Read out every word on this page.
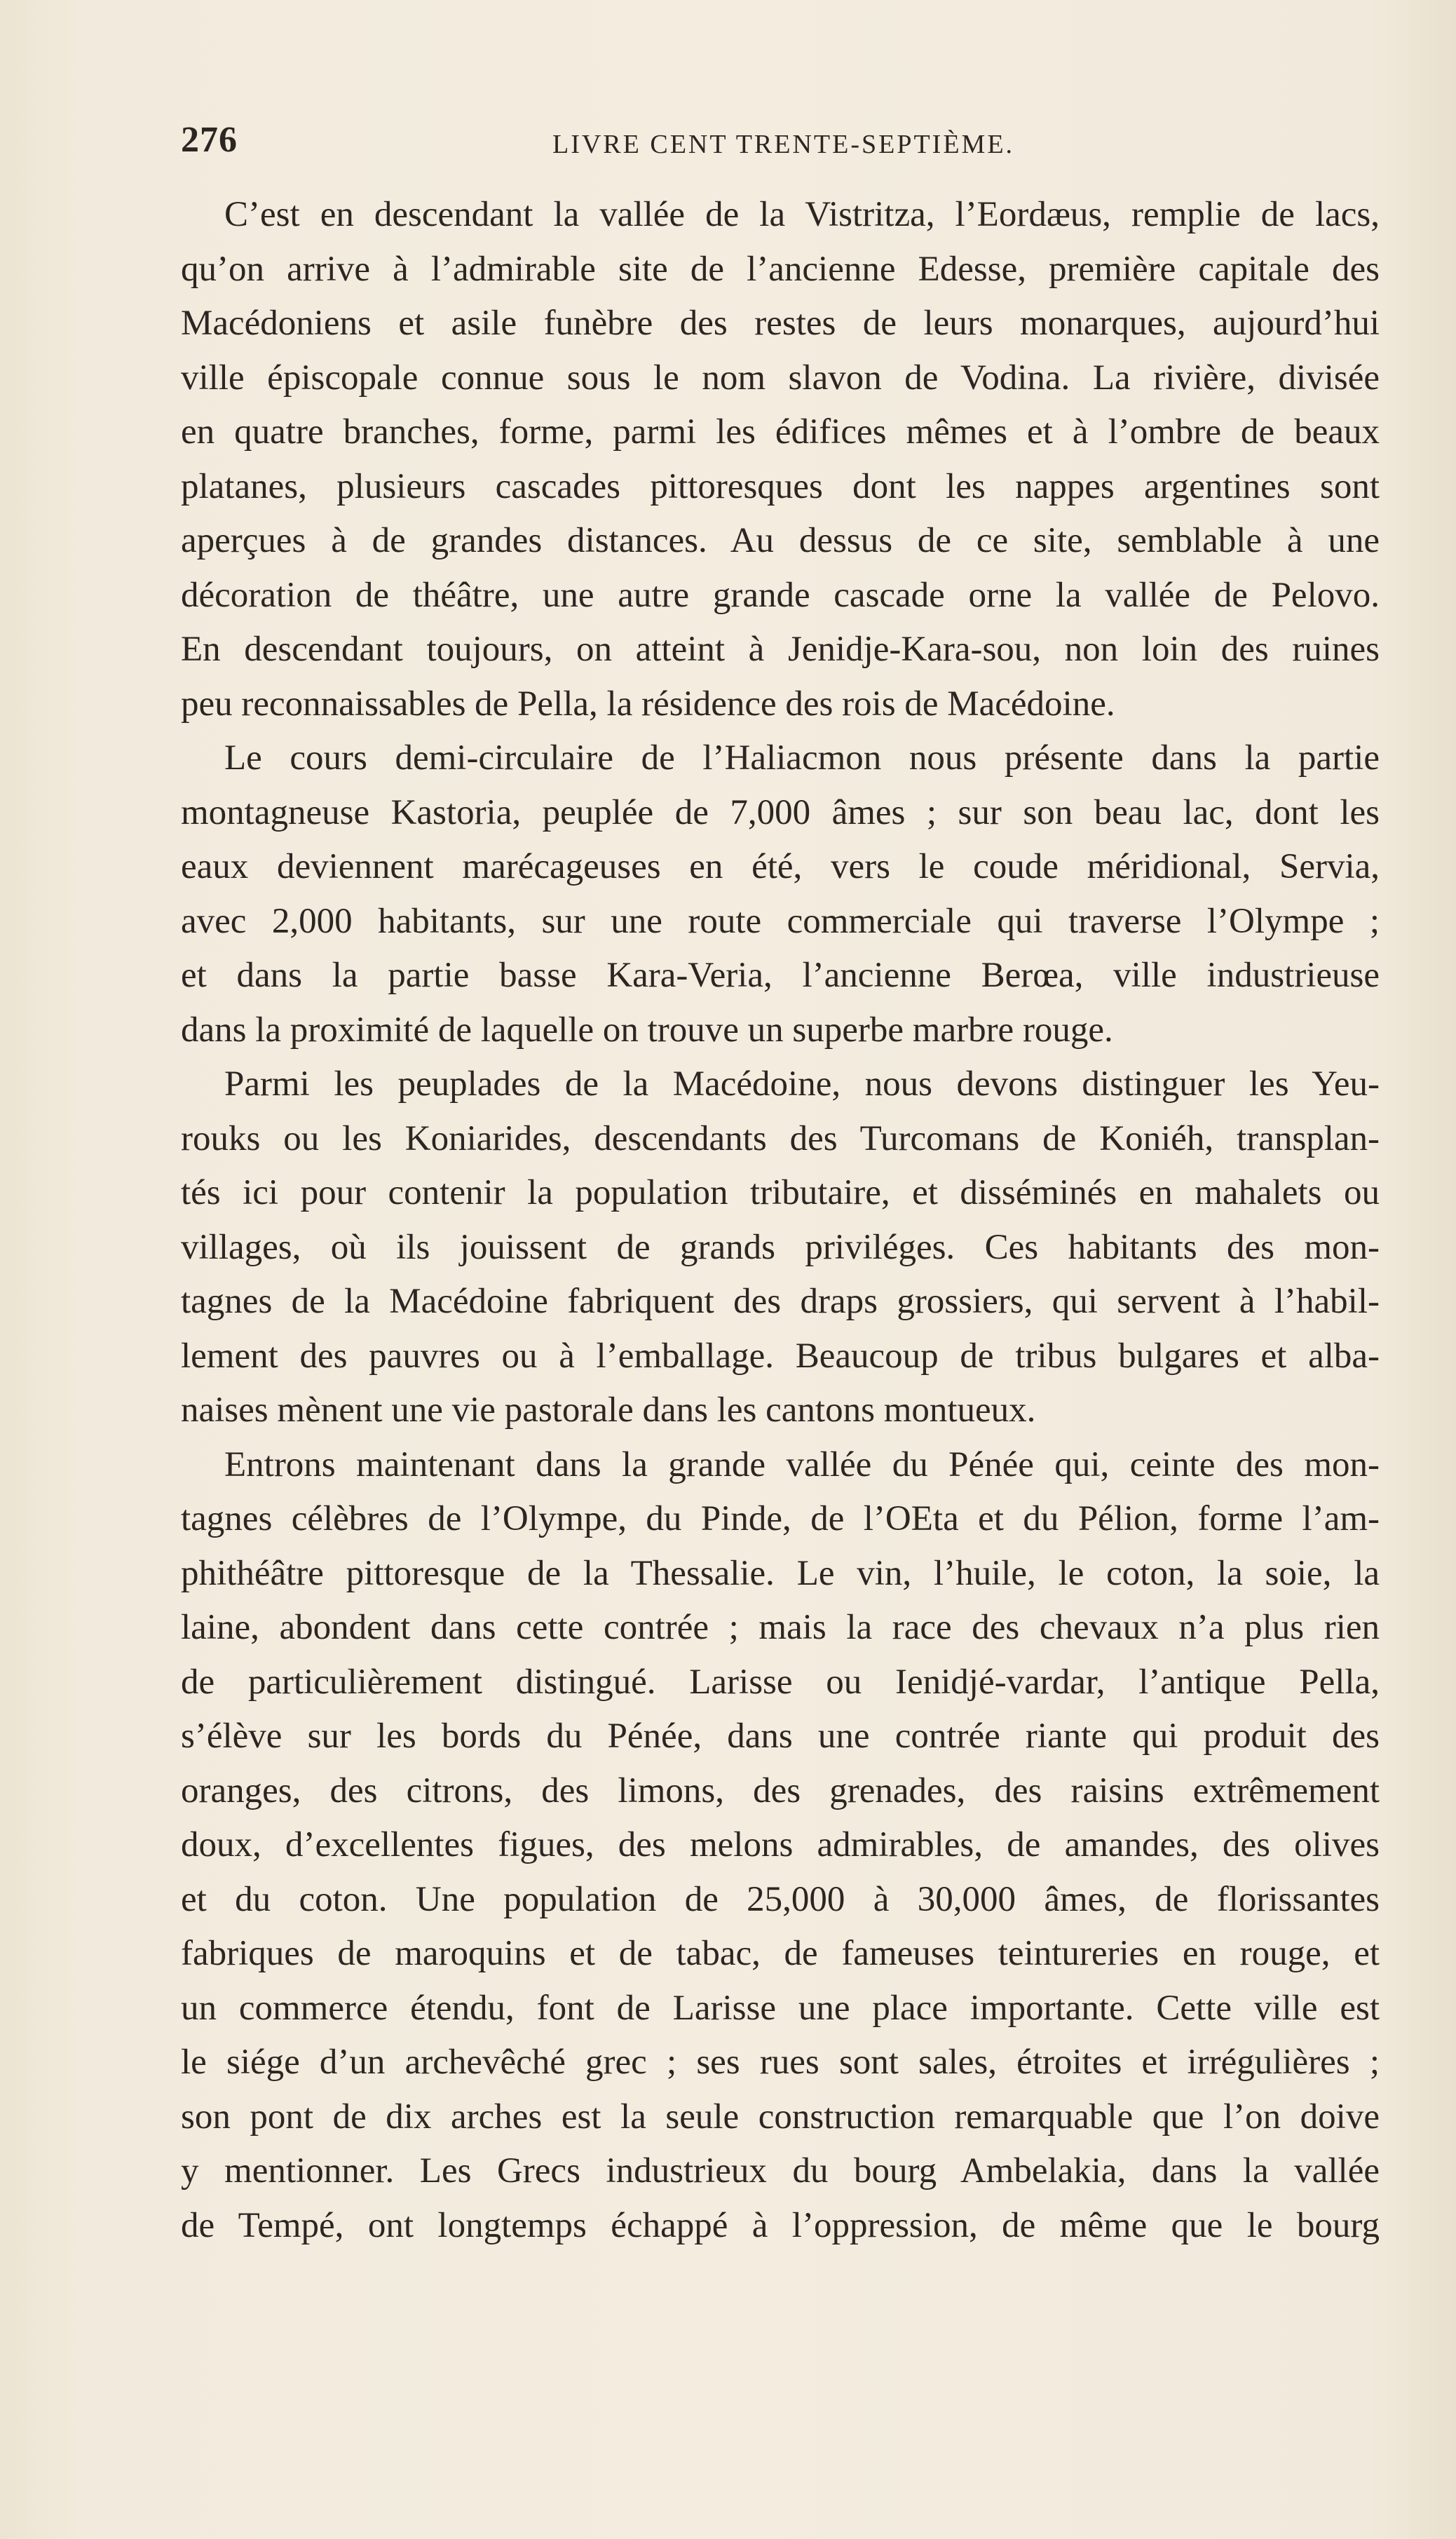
276	LIVRE CENT TRENTE-SEPTIÈME.
C’est en descendant la vallée de la Vistritza, l’Eordæus, remplie de lacs,
qu’on arrive à l’admirable site de l’ancienne Edesse, première capitale des
Macédoniens et asile funèbre des restes de leurs monarques, aujourd’hui
ville épiscopale connue sous le nom slavon de Vodina. La rivière, divisée
en quatre branches, forme, parmi les édifices mêmes et à l’ombre de beaux
platanes, plusieurs cascades pittoresques dont les nappes argentines sont
aperçues à de grandes distances. Au dessus de ce site, semblable à une
décoration de théâtre, une autre grande cascade orne la vallée de Pelovo.
En descendant toujours, on atteint à Jenidje-Kara-sou, non loin des ruines
peu reconnaissables de Pella, la résidence des rois de Macédoine.
Le cours demi-circulaire de l’Haliacmon nous présente dans la partie
montagneuse Kastoria, peuplée de 7,000 âmes ; sur son beau lac, dont les
eaux deviennent marécageuses en été, vers le coude méridional, Servia,
avec 2,000 habitants, sur une route commerciale qui traverse l’Olympe ;
et dans la partie basse Kara-Veria, l’ancienne Berœa, ville industrieuse
dans la proximité de laquelle on trouve un superbe marbre rouge.
Parmi les peuplades de la Macédoine, nous devons distinguer les Yeu-
rouks ou les Koniarides, descendants des Turcomans de Koniéh, transplan-
tés ici pour contenir la population tributaire, et disséminés en mahalets ou
villages, où ils jouissent de grands priviléges. Ces habitants des mon-
tagnes de la Macédoine fabriquent des draps grossiers, qui servent à l’habil-
lement des pauvres ou à l’emballage. Beaucoup de tribus bulgares et alba-
naises mènent une vie pastorale dans les cantons montueux.
Entrons maintenant dans la grande vallée du Pénée qui, ceinte des mon-
tagnes célèbres de l’Olympe, du Pinde, de l’OEta et du Pélion, forme l’am-
phithéâtre pittoresque de la Thessalie. Le vin, l’huile, le coton, la soie, la
laine, abondent dans cette contrée ; mais la race des chevaux n’a plus rien
de particulièrement distingué. Larisse ou Ienidjé-vardar, l’antique Pella,
s’élève sur les bords du Pénée, dans une contrée riante qui produit des
oranges, des citrons, des limons, des grenades, des raisins extrêmement
doux, d’excellentes figues, des melons admirables, de amandes, des olives
et du coton. Une population de 25,000 à 30,000 âmes, de florissantes
fabriques de maroquins et de tabac, de fameuses teintureries en rouge, et
un commerce étendu, font de Larisse une place importante. Cette ville est
le siége d’un archevêché grec ; ses rues sont sales, étroites et irrégulières ;
son pont de dix arches est la seule construction remarquable que l’on doive
y mentionner. Les Grecs industrieux du bourg Ambelakia, dans la vallée
de Tempé, ont longtemps échappé à l’oppression, de même que le bourg
